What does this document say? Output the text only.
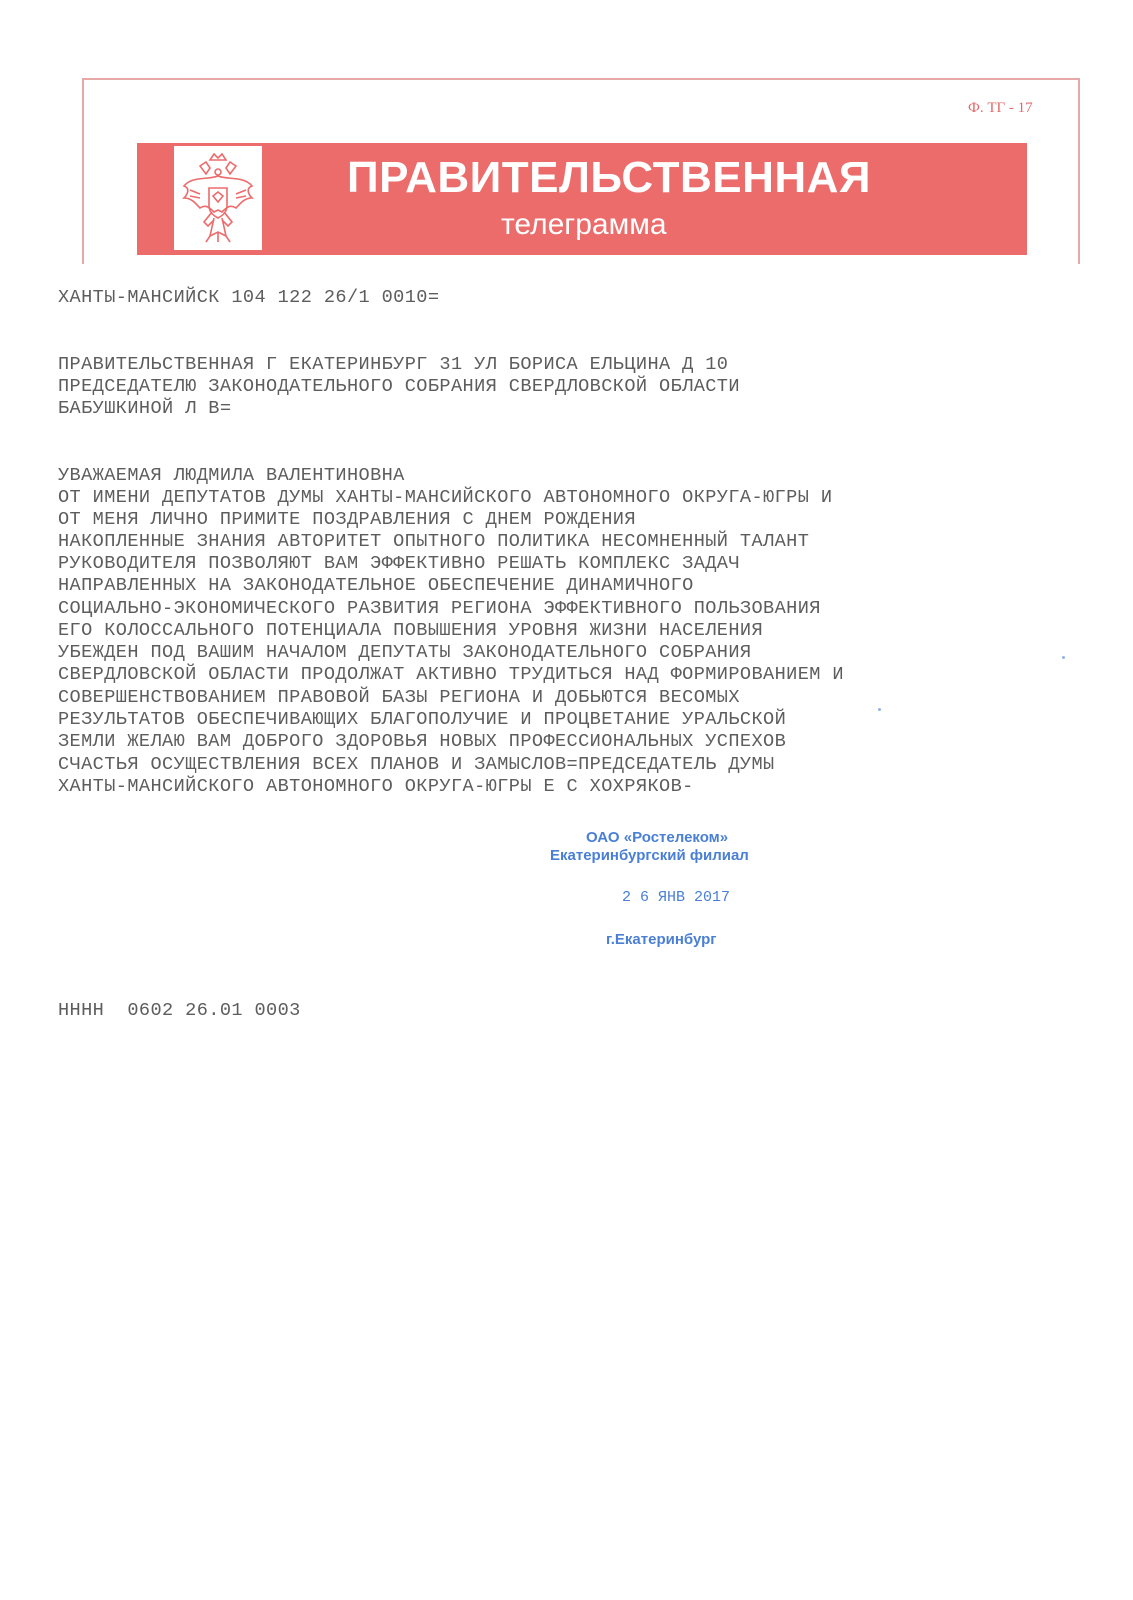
Ф. ТГ - 17
ПРАВИТЕЛЬСТВЕННАЯ
телеграмма
ХАНТЫ-МАНСИЙСК 104 122 26/1 0010=
ПРАВИТЕЛЬСТВЕННАЯ Г ЕКАТЕРИНБУРГ 31 УЛ БОРИСА ЕЛЬЦИНА Д 10
ПРЕДСЕДАТЕЛЮ ЗАКОНОДАТЕЛЬНОГО СОБРАНИЯ СВЕРДЛОВСКОЙ ОБЛАСТИ
БАБУШКИНОЙ Л В=
УВАЖАЕМАЯ ЛЮДМИЛА ВАЛЕНТИНОВНА
ОТ ИМЕНИ ДЕПУТАТОВ ДУМЫ ХАНТЫ-МАНСИЙСКОГО АВТОНОМНОГО ОКРУГА-ЮГРЫ И
ОТ МЕНЯ ЛИЧНО ПРИМИТЕ ПОЗДРАВЛЕНИЯ С ДНЕМ РОЖДЕНИЯ
НАКОПЛЕННЫЕ ЗНАНИЯ АВТОРИТЕТ ОПЫТНОГО ПОЛИТИКА НЕСОМНЕННЫЙ ТАЛАНТ
РУКОВОДИТЕЛЯ ПОЗВОЛЯЮТ ВАМ ЭФФЕКТИВНО РЕШАТЬ КОМПЛЕКС ЗАДАЧ
НАПРАВЛЕННЫХ НА ЗАКОНОДАТЕЛЬНОЕ ОБЕСПЕЧЕНИЕ ДИНАМИЧНОГО
СОЦИАЛЬНО-ЭКОНОМИЧЕСКОГО РАЗВИТИЯ РЕГИОНА ЭФФЕКТИВНОГО ПОЛЬЗОВАНИЯ
ЕГО КОЛОССАЛЬНОГО ПОТЕНЦИАЛА ПОВЫШЕНИЯ УРОВНЯ ЖИЗНИ НАСЕЛЕНИЯ
УБЕЖДЕН ПОД ВАШИМ НАЧАЛОМ ДЕПУТАТЫ ЗАКОНОДАТЕЛЬНОГО СОБРАНИЯ
СВЕРДЛОВСКОЙ ОБЛАСТИ ПРОДОЛЖАТ АКТИВНО ТРУДИТЬСЯ НАД ФОРМИРОВАНИЕМ И
СОВЕРШЕНСТВОВАНИЕМ ПРАВОВОЙ БАЗЫ РЕГИОНА И ДОБЬЮТСЯ ВЕСОМЫХ
РЕЗУЛЬТАТОВ ОБЕСПЕЧИВАЮЩИХ БЛАГОПОЛУЧИЕ И ПРОЦВЕТАНИЕ УРАЛЬСКОЙ
ЗЕМЛИ ЖЕЛАЮ ВАМ ДОБРОГО ЗДОРОВЬЯ НОВЫХ ПРОФЕССИОНАЛЬНЫХ УСПЕХОВ
СЧАСТЬЯ ОСУЩЕСТВЛЕНИЯ ВСЕХ ПЛАНОВ И ЗАМЫСЛОВ=ПРЕДСЕДАТЕЛЬ ДУМЫ
ХАНТЫ-МАНСИЙСКОГО АВТОНОМНОГО ОКРУГА-ЮГРЫ Е С ХОХРЯКОВ-
ОАО «Ростелеком»
Екатеринбургский филиал
2 6 ЯНВ 2017
г.Екатеринбург
НННН  0602 26.01 0003
